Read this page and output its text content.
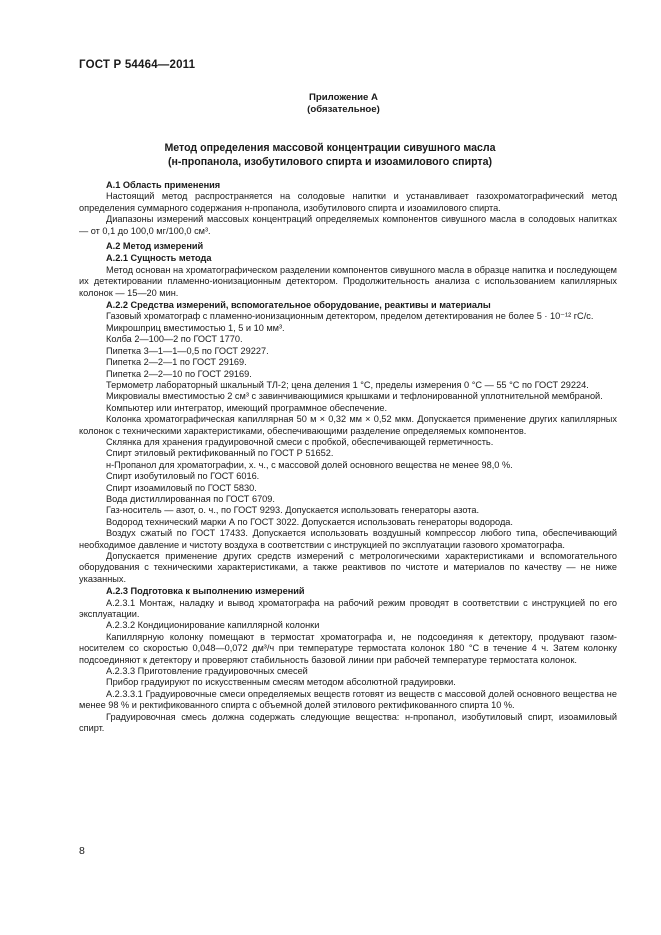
ГОСТ Р 54464—2011
Приложение А
(обязательное)
Метод определения массовой концентрации сивушного масла
(н-пропанола, изобутилового спирта и изоамилового спирта)

А.1 Область применения

Настоящий метод распространяется на солодовые напитки и устанавливает газохроматографический метод определения суммарного содержания н-пропанола, изобутилового спирта и изоамилового спирта.

Диапазоны измерений массовых концентраций определяемых компонентов сивушного масла в солодовых напитках — от 0,1 до 100,0 мг/100,0 см³.

А.2 Метод измерений

А.2.1 Сущность метода

Метод основан на хроматографическом разделении компонентов сивушного масла в образце напитка и последующем их детектировании пламенно-ионизационным детектором. Продолжительность анализа с использованием капиллярных колонок — 15—20 мин.

А.2.2 Средства измерений, вспомогательное оборудование, реактивы и материалы

Газовый хроматограф с пламенно-ионизационным детектором, пределом детектирования не более 5 · 10⁻¹² гС/с.

Микрошприц вместимостью 1, 5 и 10 мм³.

Колба 2—100—2 по ГОСТ 1770.

Пипетка 3—1—1—0,5 по ГОСТ 29227.

Пипетка 2—2—1 по ГОСТ 29169.

Пипетка 2—2—10 по ГОСТ 29169.

Термометр лабораторный шкальный ТЛ-2; цена деления 1 °С, пределы измерения 0 °С — 55 °С по ГОСТ 29224.

Микровиалы вместимостью 2 см³ с завинчивающимися крышками и тефлонированной уплотнительной мембраной.

Компьютер или интегратор, имеющий программное обеспечение.

Колонка хроматографическая капиллярная 50 м × 0,32 мм × 0,52 мкм. Допускается применение других капиллярных колонок с техническими характеристиками, обеспечивающими разделение определяемых компонентов.

Склянка для хранения градуировочной смеси с пробкой, обеспечивающей герметичность.

Спирт этиловый ректификованный по ГОСТ Р 51652.

н-Пропанол для хроматографии, х. ч., с массовой долей основного вещества не менее 98,0 %.

Спирт изобутиловый по ГОСТ 6016.

Спирт изоамиловый по ГОСТ 5830.

Вода дистиллированная по ГОСТ 6709.

Газ-носитель — азот, о. ч., по ГОСТ 9293. Допускается использовать генераторы азота.

Водород технический марки А по ГОСТ 3022. Допускается использовать генераторы водорода.

Воздух сжатый по ГОСТ 17433. Допускается использовать воздушный компрессор любого типа, обеспечивающий необходимое давление и чистоту воздуха в соответствии с инструкцией по эксплуатации газового хроматографа.

Допускается применение других средств измерений с метрологическими характеристиками и вспомогательного оборудования с техническими характеристиками, а также реактивов по чистоте и материалов по качеству — не ниже указанных.

А.2.3 Подготовка к выполнению измерений

А.2.3.1 Монтаж, наладку и вывод хроматографа на рабочий режим проводят в соответствии с инструкцией по его эксплуатации.

А.2.3.2 Кондиционирование капиллярной колонки

Капиллярную колонку помещают в термостат хроматографа и, не подсоединяя к детектору, продувают газом-носителем со скоростью 0,048—0,072 дм³/ч при температуре термостата колонок 180 °С в течение 4 ч. Затем колонку подсоединяют к детектору и проверяют стабильность базовой линии при рабочей температуре термостата колонок.

А.2.3.3 Приготовление градуировочных смесей

Прибор градуируют по искусственным смесям методом абсолютной градуировки.

А.2.3.3.1 Градуировочные смеси определяемых веществ готовят из веществ с массовой долей основного вещества не менее 98 % и ректификованного спирта с объемной долей этилового ректификованного спирта 10 %.

Градуировочная смесь должна содержать следующие вещества: н-пропанол, изобутиловый спирт, изоамиловый спирт.

8
